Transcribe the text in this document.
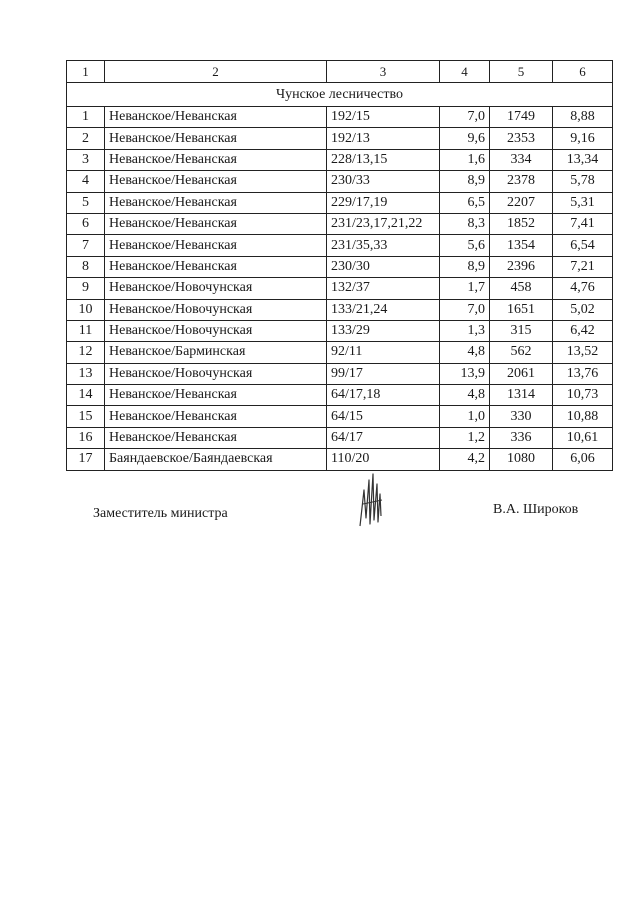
1	2	3	4	5	6
Чунское лесничество					
1	Неванское/Неванская	192/15	7,0	1749	8,88
2	Неванское/Неванская	192/13	9,6	2353	9,16
3	Неванское/Неванская	228/13,15	1,6	334	13,34
4	Неванское/Неванская	230/33	8,9	2378	5,78
5	Неванское/Неванская	229/17,19	6,5	2207	5,31
6	Неванское/Неванская	231/23,17,21,22	8,3	1852	7,41
7	Неванское/Неванская	231/35,33	5,6	1354	6,54
8	Неванское/Неванская	230/30	8,9	2396	7,21
9	Неванское/Новочунская	132/37	1,7	458	4,76
10	Неванское/Новочунская	133/21,24	7,0	1651	5,02
11	Неванское/Новочунская	133/29	1,3	315	6,42
12	Неванское/Барминская	92/11	4,8	562	13,52
13	Неванское/Новочунская	99/17	13,9	2061	13,76
14	Неванское/Неванская	64/17,18	4,8	1314	10,73
15	Неванское/Неванская	64/15	1,0	330	10,88
16	Неванское/Неванская	64/17	1,2	336	10,61
17	Баяндаевское/Баяндаевская	110/20	4,2	1080	6,06
Заместитель министра	В.А. Широков
